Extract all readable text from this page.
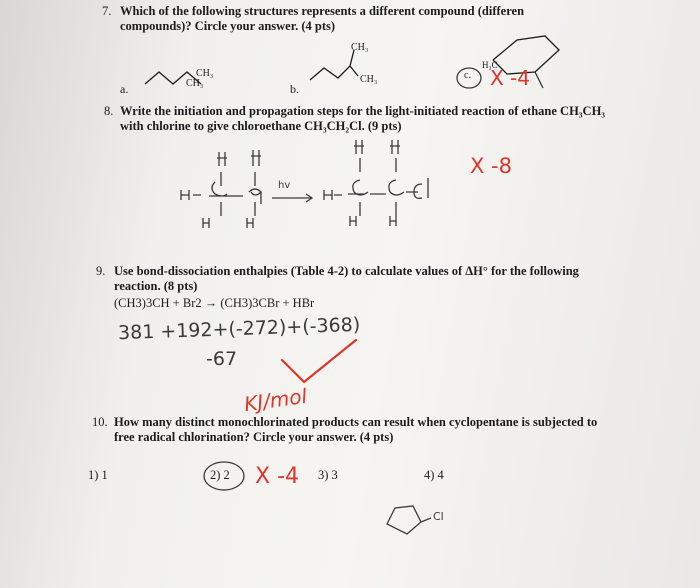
7. Which of the following structures represents a different compound (differen
compounds)? Circle your answer. (4 pts)
a.
CH₃
CH₃	b.
CH₃
CH₃	c.
H₃C
X -4
8. Write the initiation and propagation steps for the light-initiated reaction of ethane CH₃CH₃
with chlorine to give chloroethane CH₃CH₂Cl. (9 pts)
hv
X -8
9. Use bond-dissociation enthalpies (Table 4-2) to calculate values of ΔH° for the following
reaction. (8 pts)
(CH3)3CH + Br2 → (CH3)3CBr + HBr
381 +192+(-272)+(-368)
-67
KJ/mol
10. How many distinct monochlorinated products can result when cyclopentane is subjected to
free radical chlorination? Circle your answer. (4 pts)
1) 1	2) 2 X -4 3) 3	4) 4
Cl
